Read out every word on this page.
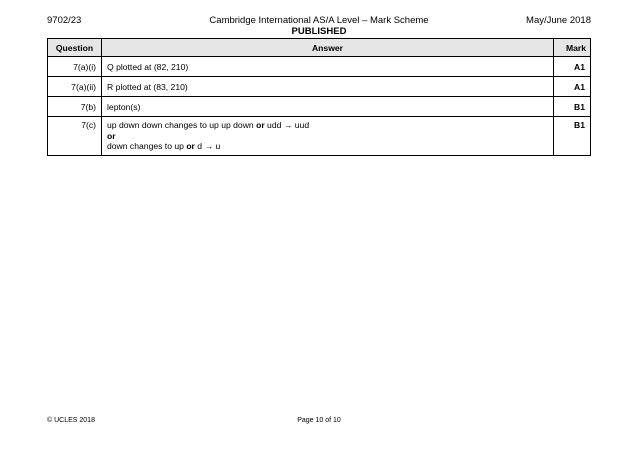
9702/23	Cambridge International AS/A Level – Mark Scheme
PUBLISHED
May/June 2018
Question	Answer	Mark
7(a)(i)	Q plotted at (82, 210)	A1
7(a)(ii)	R plotted at (83, 210)	A1
7(b)	lepton(s)	B1
7(c)	up down down changes to up up down or udd → uud
or
down changes to up or d → u	B1
© UCLES 2018	Page 10 of 10
